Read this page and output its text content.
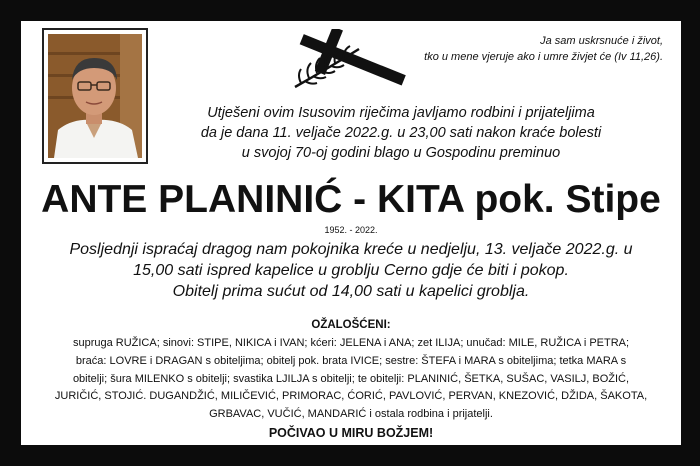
Ja sam uskrsnuće i život,
tko u mene vjeruje ako i umre živjet će (Iv 11,26).
Utješeni ovim Isusovim riječima javljamo rodbini i prijateljima
da je dana 11. veljače 2022.g. u 23,00 sati nakon kraće bolesti
u svojoj 70-oj godini blago u Gospodinu preminuo
ANTE PLANINIĆ - KITA pok. Stipe
1952. - 2022.
Posljednji ispraćaj dragog nam pokojnika kreće u nedjelju, 13. veljače 2022.g. u
15,00 sati ispred kapelice u groblju Cerno gdje će biti i pokop.
Obitelj prima sućut od 14,00 sati u kapelici groblja.
OŽALOŠĆENI:
supruga RUŽICA; sinovi: STIPE, NIKICA i IVAN; kćeri: JELENA i ANA; zet ILIJA; unučad: MILE, RUŽICA i PETRA;
braća: LOVRE i DRAGAN s obiteljima; obitelj pok. brata IVICE; sestre: ŠTEFA i MARA s obiteljima; tetka MARA s
obitelji; šura MILENKO s obitelji; svastika LJILJA s obitelji; te obitelji: PLANINIĆ, ŠETKA, SUŠAC, VASILJ, BOŽIĆ,
JURIČIĆ, STOJIĆ. DUGANDŽIĆ, MILIČEVIĆ, PRIMORAC, ĆORIĆ, PAVLOVIĆ, PERVAN, KNEZOVIĆ, DŽIDA, ŠAKOTA,
GRBAVAC, VUČIĆ, MANDARIĆ i ostala rodbina i prijatelji.
POČIVAO U MIRU BOŽJEM!
